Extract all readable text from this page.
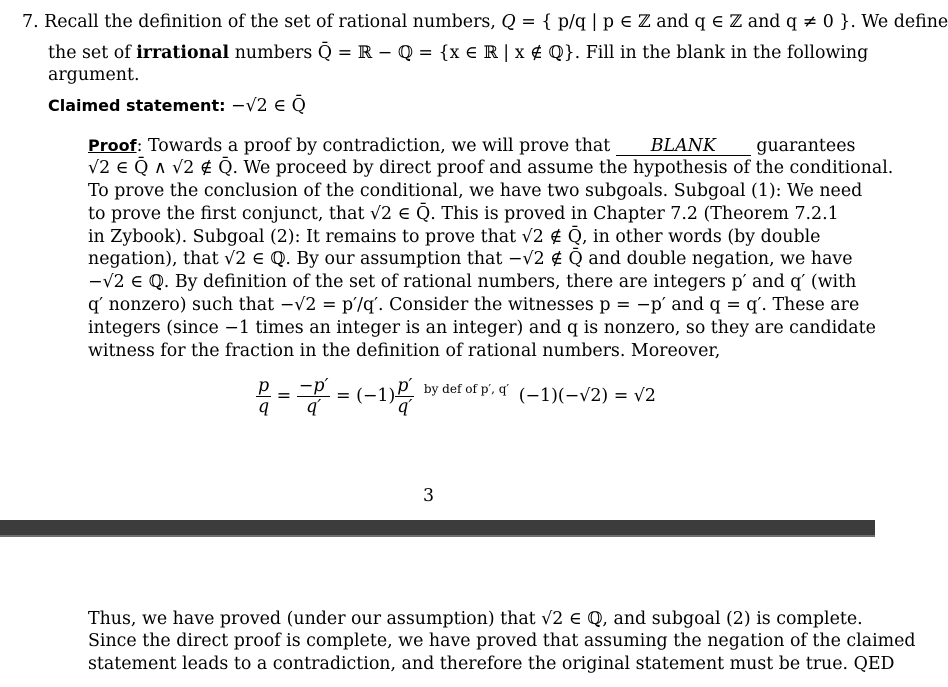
7. Recall the definition of the set of rational numbers, Q = { p/q | p ∈ ℤ and q ∈ ℤ and q ≠ 0 }. We define
the set of irrational numbers Q̄ = ℝ − ℚ = {x ∈ ℝ | x ∉ ℚ}. Fill in the blank in the following
argument.
Claimed statement: −√2 ∈ Q̄
Proof: Towards a proof by contradiction, we will prove that BLANK guarantees
√2 ∈ Q̄ ∧ √2 ∉ Q̄. We proceed by direct proof and assume the hypothesis of the conditional.
To prove the conclusion of the conditional, we have two subgoals. Subgoal (1): We need
to prove the first conjunct, that √2 ∈ Q̄. This is proved in Chapter 7.2 (Theorem 7.2.1
in Zybook). Subgoal (2): It remains to prove that √2 ∉ Q̄, in other words (by double
negation), that √2 ∈ ℚ. By our assumption that −√2 ∉ Q̄ and double negation, we have
−√2 ∈ ℚ. By definition of the set of rational numbers, there are integers p′ and q′ (with
q′ nonzero) such that −√2 = p′/q′. Consider the witnesses p = −p′ and q = q′. These are
integers (since −1 times an integer is an integer) and q is nonzero, so they are candidate
witness for the fraction in the definition of rational numbers. Moreover,
$\frac{p}{q} = \frac{-p'}{q'} = (-1) \frac{p'}{q'}$ by def of p′, q′ (−1)(−√2) = √2
3
Thus, we have proved (under our assumption) that √2 ∈ ℚ, and subgoal (2) is complete.
Since the direct proof is complete, we have proved that assuming the negation of the claimed
statement leads to a contradiction, and therefore the original statement must be true. QED
